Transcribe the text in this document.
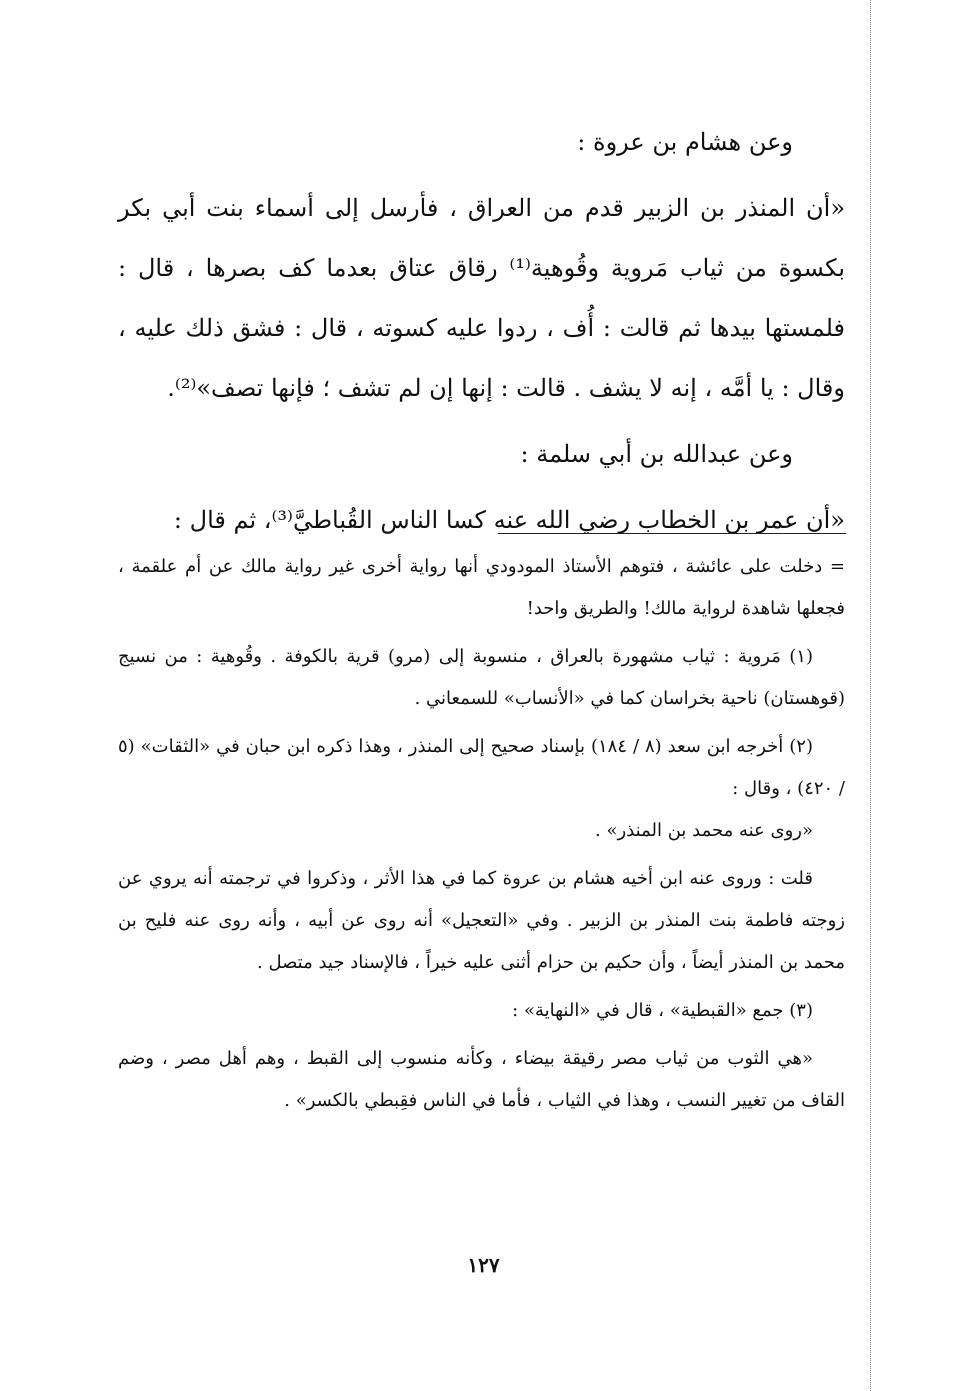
وعن هشام بن عروة :

«أن المنذر بن الزبير قدم من العراق ، فأرسل إلى أسماء بنت أبي بكر بكسوة من ثياب مَروية وقُوهية⁽¹⁾ رقاق عتاق بعدما كف بصرها ، قال : فلمستها بيدها ثم قالت : أُف ، ردوا عليه كسوته ، قال : فشق ذلك عليه ، وقال : يا أمَّه ، إنه لا يشف . قالت : إنها إن لم تشف ؛ فإنها تصف»⁽²⁾.

وعن عبدالله بن أبي سلمة :

«أن عمر بن الخطاب رضي الله عنه كسا الناس القُباطيَّ⁽³⁾، ثم قال :

= دخلت على عائشة ، فتوهم الأستاذ المودودي أنها رواية أخرى غير رواية مالك عن أم علقمة ، فجعلها شاهدة لرواية مالك! والطريق واحد!

(١) مَروية : ثياب مشهورة بالعراق ، منسوبة إلى (مرو) قرية بالكوفة . وقُوهية : من نسيج (قوهستان) ناحية بخراسان كما في «الأنساب» للسمعاني .

(٢) أخرجه ابن سعد (٨ / ١٨٤) بإسناد صحيح إلى المنذر ، وهذا ذكره ابن حبان في «الثقات» (٥ / ٤٢٠) ، وقال :

«روى عنه محمد بن المنذر» .

قلت : وروى عنه ابن أخيه هشام بن عروة كما في هذا الأثر ، وذكروا في ترجمته أنه يروي عن زوجته فاطمة بنت المنذر بن الزبير . وفي «التعجيل» أنه روى عن أبيه ، وأنه روى عنه فليح بن محمد بن المنذر أيضاً ، وأن حكيم بن حزام أثنى عليه خيراً ، فالإسناد جيد متصل .

(٣) جمع «القبطية» ، قال في «النهاية» :

«هي الثوب من ثياب مصر رقيقة بيضاء ، وكأنه منسوب إلى القبط ، وهم أهل مصر ، وضم القاف من تغيير النسب ، وهذا في الثياب ، فأما في الناس فقِبطي بالكسر» .

١٢٧
